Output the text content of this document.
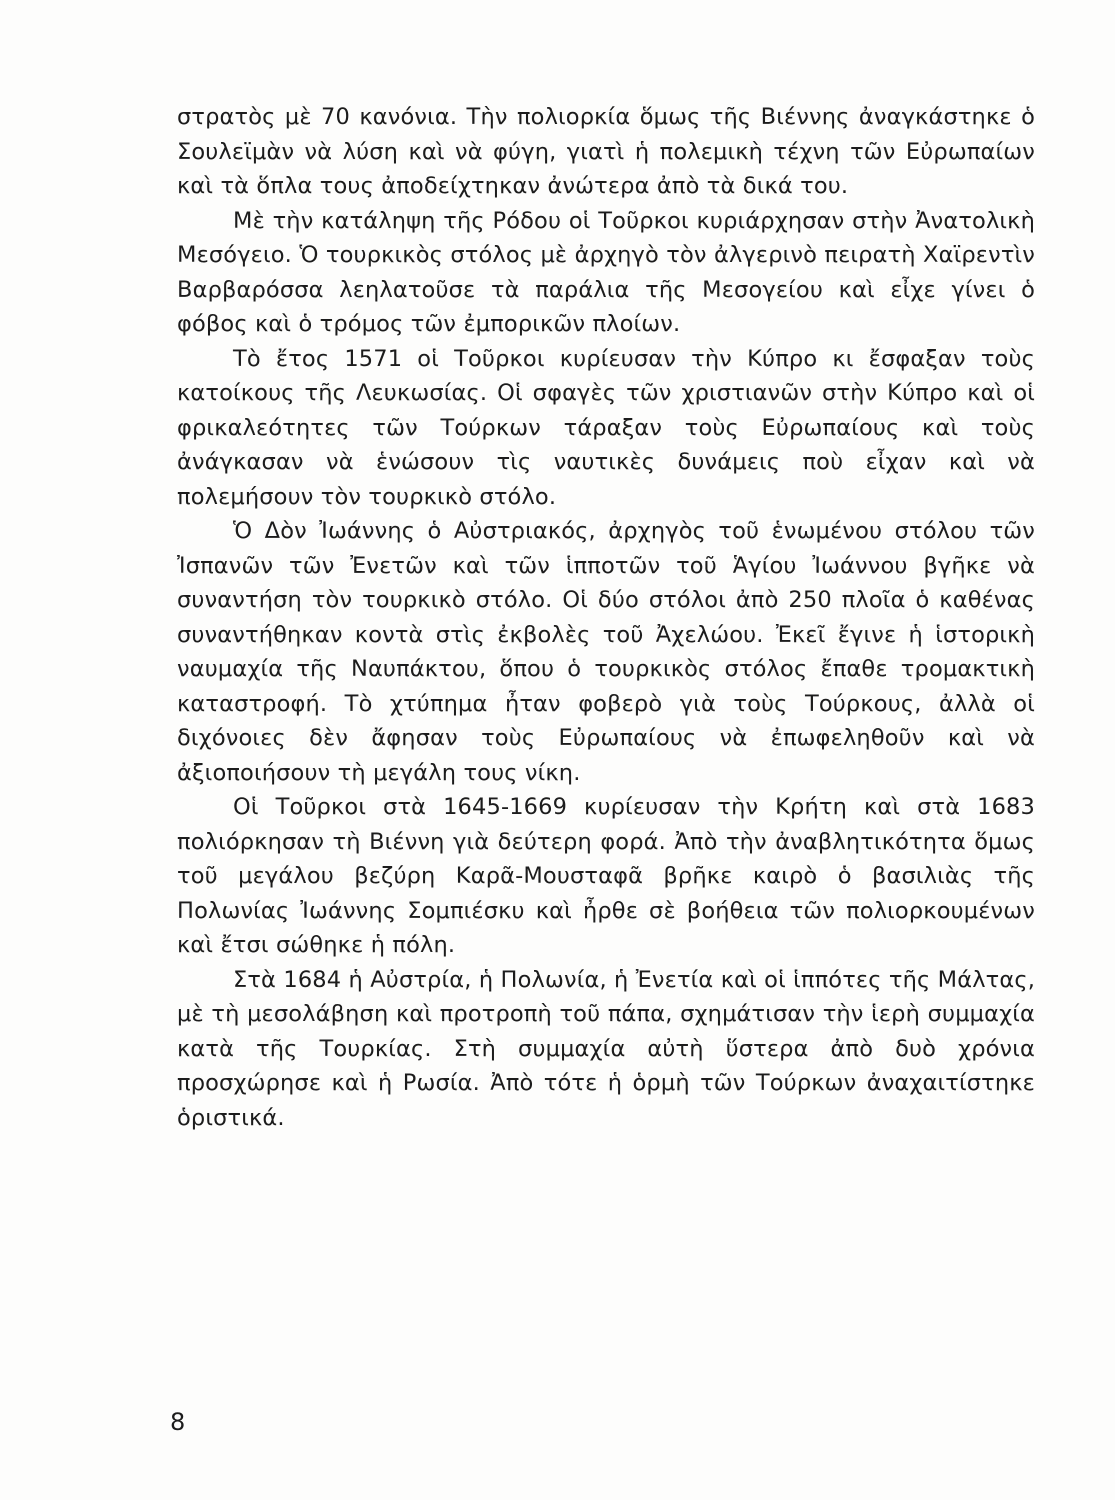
στρατὸς μὲ 70 κανόνια. Τὴν πολιορκία ὅμως τῆς Βιέννης ἀναγκάστηκε ὁ Σουλεϊμὰν νὰ λύση καὶ νὰ φύγη, γιατὶ ἡ πολεμικὴ τέχνη τῶν Εὐρωπαίων καὶ τὰ ὅπλα τους ἀποδείχτηκαν ἀνώτερα ἀπὸ τὰ δικά του.

Μὲ τὴν κατάληψη τῆς Ρόδου οἱ Τοῦρκοι κυριάρχησαν στὴν Ἀνατολικὴ Μεσόγειο. Ὁ τουρκικὸς στόλος μὲ ἀρχηγὸ τὸν ἀλγερινὸ πειρατὴ Χαϊρεντὶν Βαρβαρόσσα λεηλατοῦσε τὰ παράλια τῆς Μεσογείου καὶ εἶχε γίνει ὁ φόβος καὶ ὁ τρόμος τῶν ἐμπορικῶν πλοίων.

Τὸ ἔτος 1571 οἱ Τοῦρκοι κυρίευσαν τὴν Κύπρο κι ἔσφαξαν τοὺς κατοίκους τῆς Λευκωσίας. Οἱ σφαγὲς τῶν χριστιανῶν στὴν Κύπρο καὶ οἱ φρικαλεότητες τῶν Τούρκων τάραξαν τοὺς Εὐρωπαίους καὶ τοὺς ἀνάγκασαν νὰ ἑνώσουν τὶς ναυτικὲς δυνάμεις ποὺ εἶχαν καὶ νὰ πολεμήσουν τὸν τουρκικὸ στόλο.

Ὁ Δὸν Ἰωάννης ὁ Αὐστριακός, ἀρχηγὸς τοῦ ἑνωμένου στόλου τῶν Ἰσπανῶν τῶν Ἐνετῶν καὶ τῶν ἱπποτῶν τοῦ Ἁγίου Ἰωάννου βγῆκε νὰ συναντήση τὸν τουρκικὸ στόλο. Οἱ δύο στόλοι ἀπὸ 250 πλοῖα ὁ καθένας συναντήθηκαν κοντὰ στὶς ἐκβολὲς τοῦ Ἀχελώου. Ἐκεῖ ἔγινε ἡ ἱστορικὴ ναυμαχία τῆς Ναυπάκτου, ὅπου ὁ τουρκικὸς στόλος ἔπαθε τρομακτικὴ καταστροφή. Τὸ χτύπημα ἦταν φοβερὸ γιὰ τοὺς Τούρκους, ἀλλὰ οἱ διχόνοιες δὲν ἄφησαν τοὺς Εὐρωπαίους νὰ ἐπωφεληθοῦν καὶ νὰ ἀξιοποιήσουν τὴ μεγάλη τους νίκη.

Οἱ Τοῦρκοι στὰ 1645-1669 κυρίευσαν τὴν Κρήτη καὶ στὰ 1683 πολιόρκησαν τὴ Βιέννη γιὰ δεύτερη φορά. Ἀπὸ τὴν ἀναβλητικότητα ὅμως τοῦ μεγάλου βεζύρη Καρᾶ-Μουσταφᾶ βρῆκε καιρὸ ὁ βασιλιὰς τῆς Πολωνίας Ἰωάννης Σομπιέσκυ καὶ ἦρθε σὲ βοήθεια τῶν πολιορκουμένων καὶ ἔτσι σώθηκε ἡ πόλη.

Στὰ 1684 ἡ Αὐστρία, ἡ Πολωνία, ἡ Ἐνετία καὶ οἱ ἱππότες τῆς Μάλτας, μὲ τὴ μεσολάβηση καὶ προτροπὴ τοῦ πάπα, σχημάτισαν τὴν ἱερὴ συμμαχία κατὰ τῆς Τουρκίας. Στὴ συμμαχία αὐτὴ ὕστερα ἀπὸ δυὸ χρόνια προσχώρησε καὶ ἡ Ρωσία. Ἀπὸ τότε ἡ ὁρμὴ τῶν Τούρκων ἀναχαιτίστηκε ὁριστικά.

8
